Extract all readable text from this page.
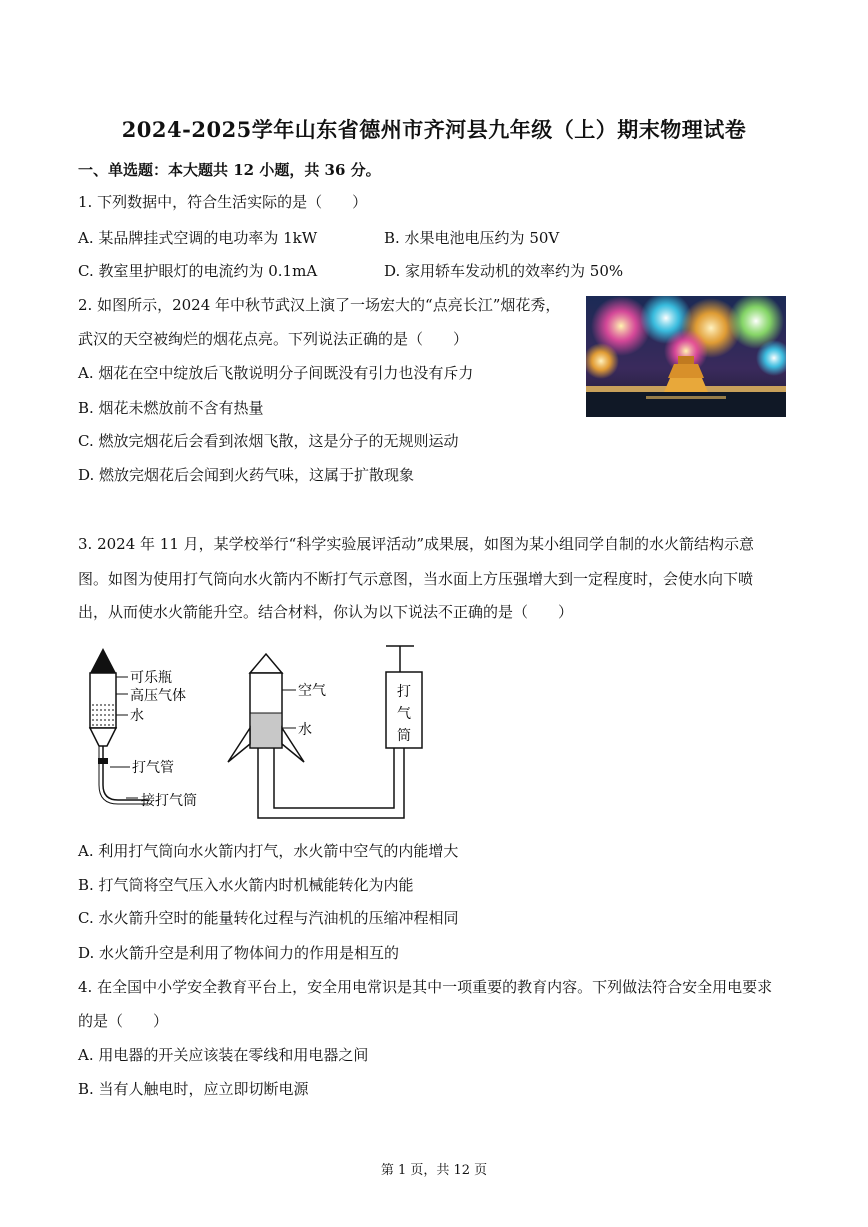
2024-2025学年山东省德州市齐河县九年级（上）期末物理试卷
一、单选题：本大题共 12 小题，共 36 分。
1. 下列数据中，符合生活实际的是（　　）
A. 某品牌挂式空调的电功率为 1kW	B. 水果电池电压约为 50V
C. 教室里护眼灯的电流约为 0.1mA	D. 家用轿车发动机的效率约为 50%
2. 如图所示，2024 年中秋节武汉上演了一场宏大的“点亮长江”烟花秀，
武汉的天空被绚烂的烟花点亮。下列说法正确的是（　　）
A. 烟花在空中绽放后飞散说明分子间既没有引力也没有斥力
B. 烟花未燃放前不含有热量
C. 燃放完烟花后会看到浓烟飞散，这是分子的无规则运动
D. 燃放完烟花后会闻到火药气味，这属于扩散现象
3. 2024 年 11 月，某学校举行“科学实验展评活动”成果展，如图为某小组同学自制的水火箭结构示意
图。如图为使用打气筒向水火箭内不断打气示意图，当水面上方压强增大到一定程度时，会使水向下喷
出，从而使水火箭能升空。结合材料，你认为以下说法不正确的是（　　）
可乐瓶
高压气体
水
打气管
接打气筒
空气
水
打
气
筒
A. 利用打气筒向水火箭内打气，水火箭中空气的内能增大
B. 打气筒将空气压入水火箭内时机械能转化为内能
C. 水火箭升空时的能量转化过程与汽油机的压缩冲程相同
D. 水火箭升空是利用了物体间力的作用是相互的
4. 在全国中小学安全教育平台上，安全用电常识是其中一项重要的教育内容。下列做法符合安全用电要求
的是（　　）
A. 用电器的开关应该装在零线和用电器之间
B. 当有人触电时，应立即切断电源
第 1 页，共 12 页
